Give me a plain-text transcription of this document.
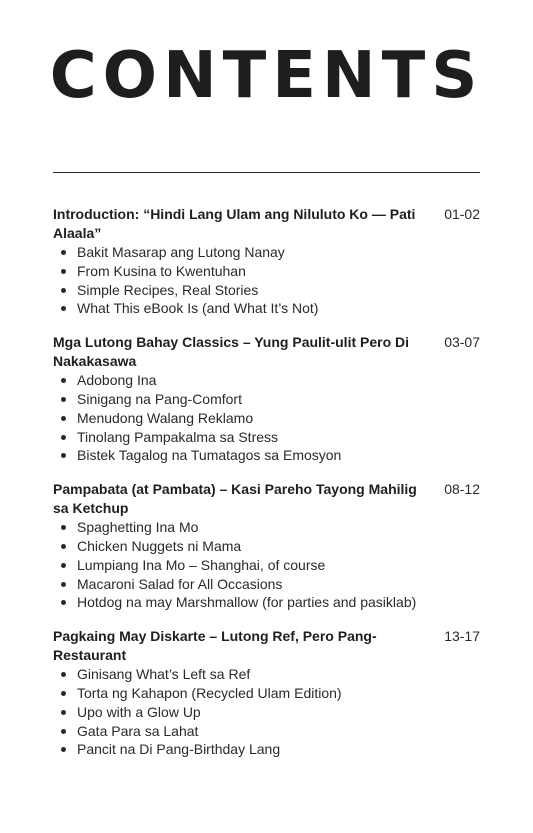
CONTENTS
Introduction: “Hindi Lang Ulam ang Niluluto Ko — Pati Alaala”
01-02
Bakit Masarap ang Lutong Nanay
From Kusina to Kwentuhan
Simple Recipes, Real Stories
What This eBook Is (and What It’s Not)
Mga Lutong Bahay Classics – Yung Paulit-ulit Pero Di Nakakasawa
03-07
Adobong Ina
Sinigang na Pang-Comfort
Menudong Walang Reklamo
Tinolang Pampakalma sa Stress
Bistek Tagalog na Tumatagos sa Emosyon
Pampabata (at Pambata) – Kasi Pareho Tayong Mahilig sa Ketchup
08-12
Spaghetting Ina Mo
Chicken Nuggets ni Mama
Lumpiang Ina Mo – Shanghai, of course
Macaroni Salad for All Occasions
Hotdog na may Marshmallow (for parties and pasiklab)
Pagkaing May Diskarte – Lutong Ref, Pero Pang-Restaurant
13-17
Ginisang What’s Left sa Ref
Torta ng Kahapon (Recycled Ulam Edition)
Upo with a Glow Up
Gata Para sa Lahat
Pancit na Di Pang-Birthday Lang
